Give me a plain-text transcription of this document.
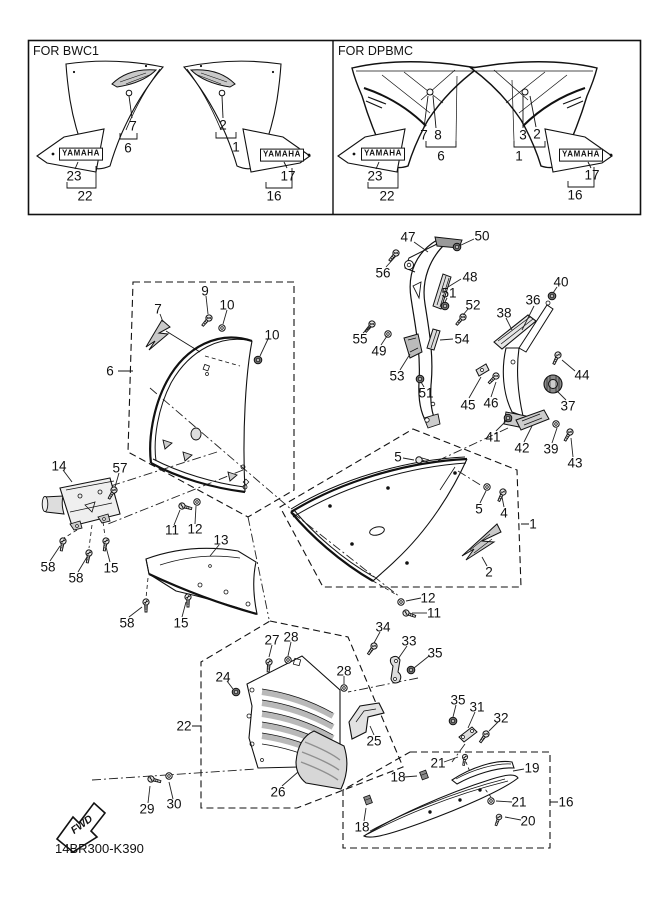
FOR BWC1	FOR DPBMC
YAMAHA	YAMAHA	YAMAHA	YAMAHA
7
6
2
1
23
22
17
16
7 8
6
3 2
1
23
22
17
16
47	50
56	48
51
52
55
49
54
53
51
40
36
38
44
37
45 46
41
42 39
43
9
10
10
7
6
14	57
11 12
13
58
58
15
58	15
5
5 4
1
2
12
11
27 28
24
22
28
25
26
29 30
34
33
35
35 31
32
21	19
18
18
21
20
16
FWD
14BR300-K390
